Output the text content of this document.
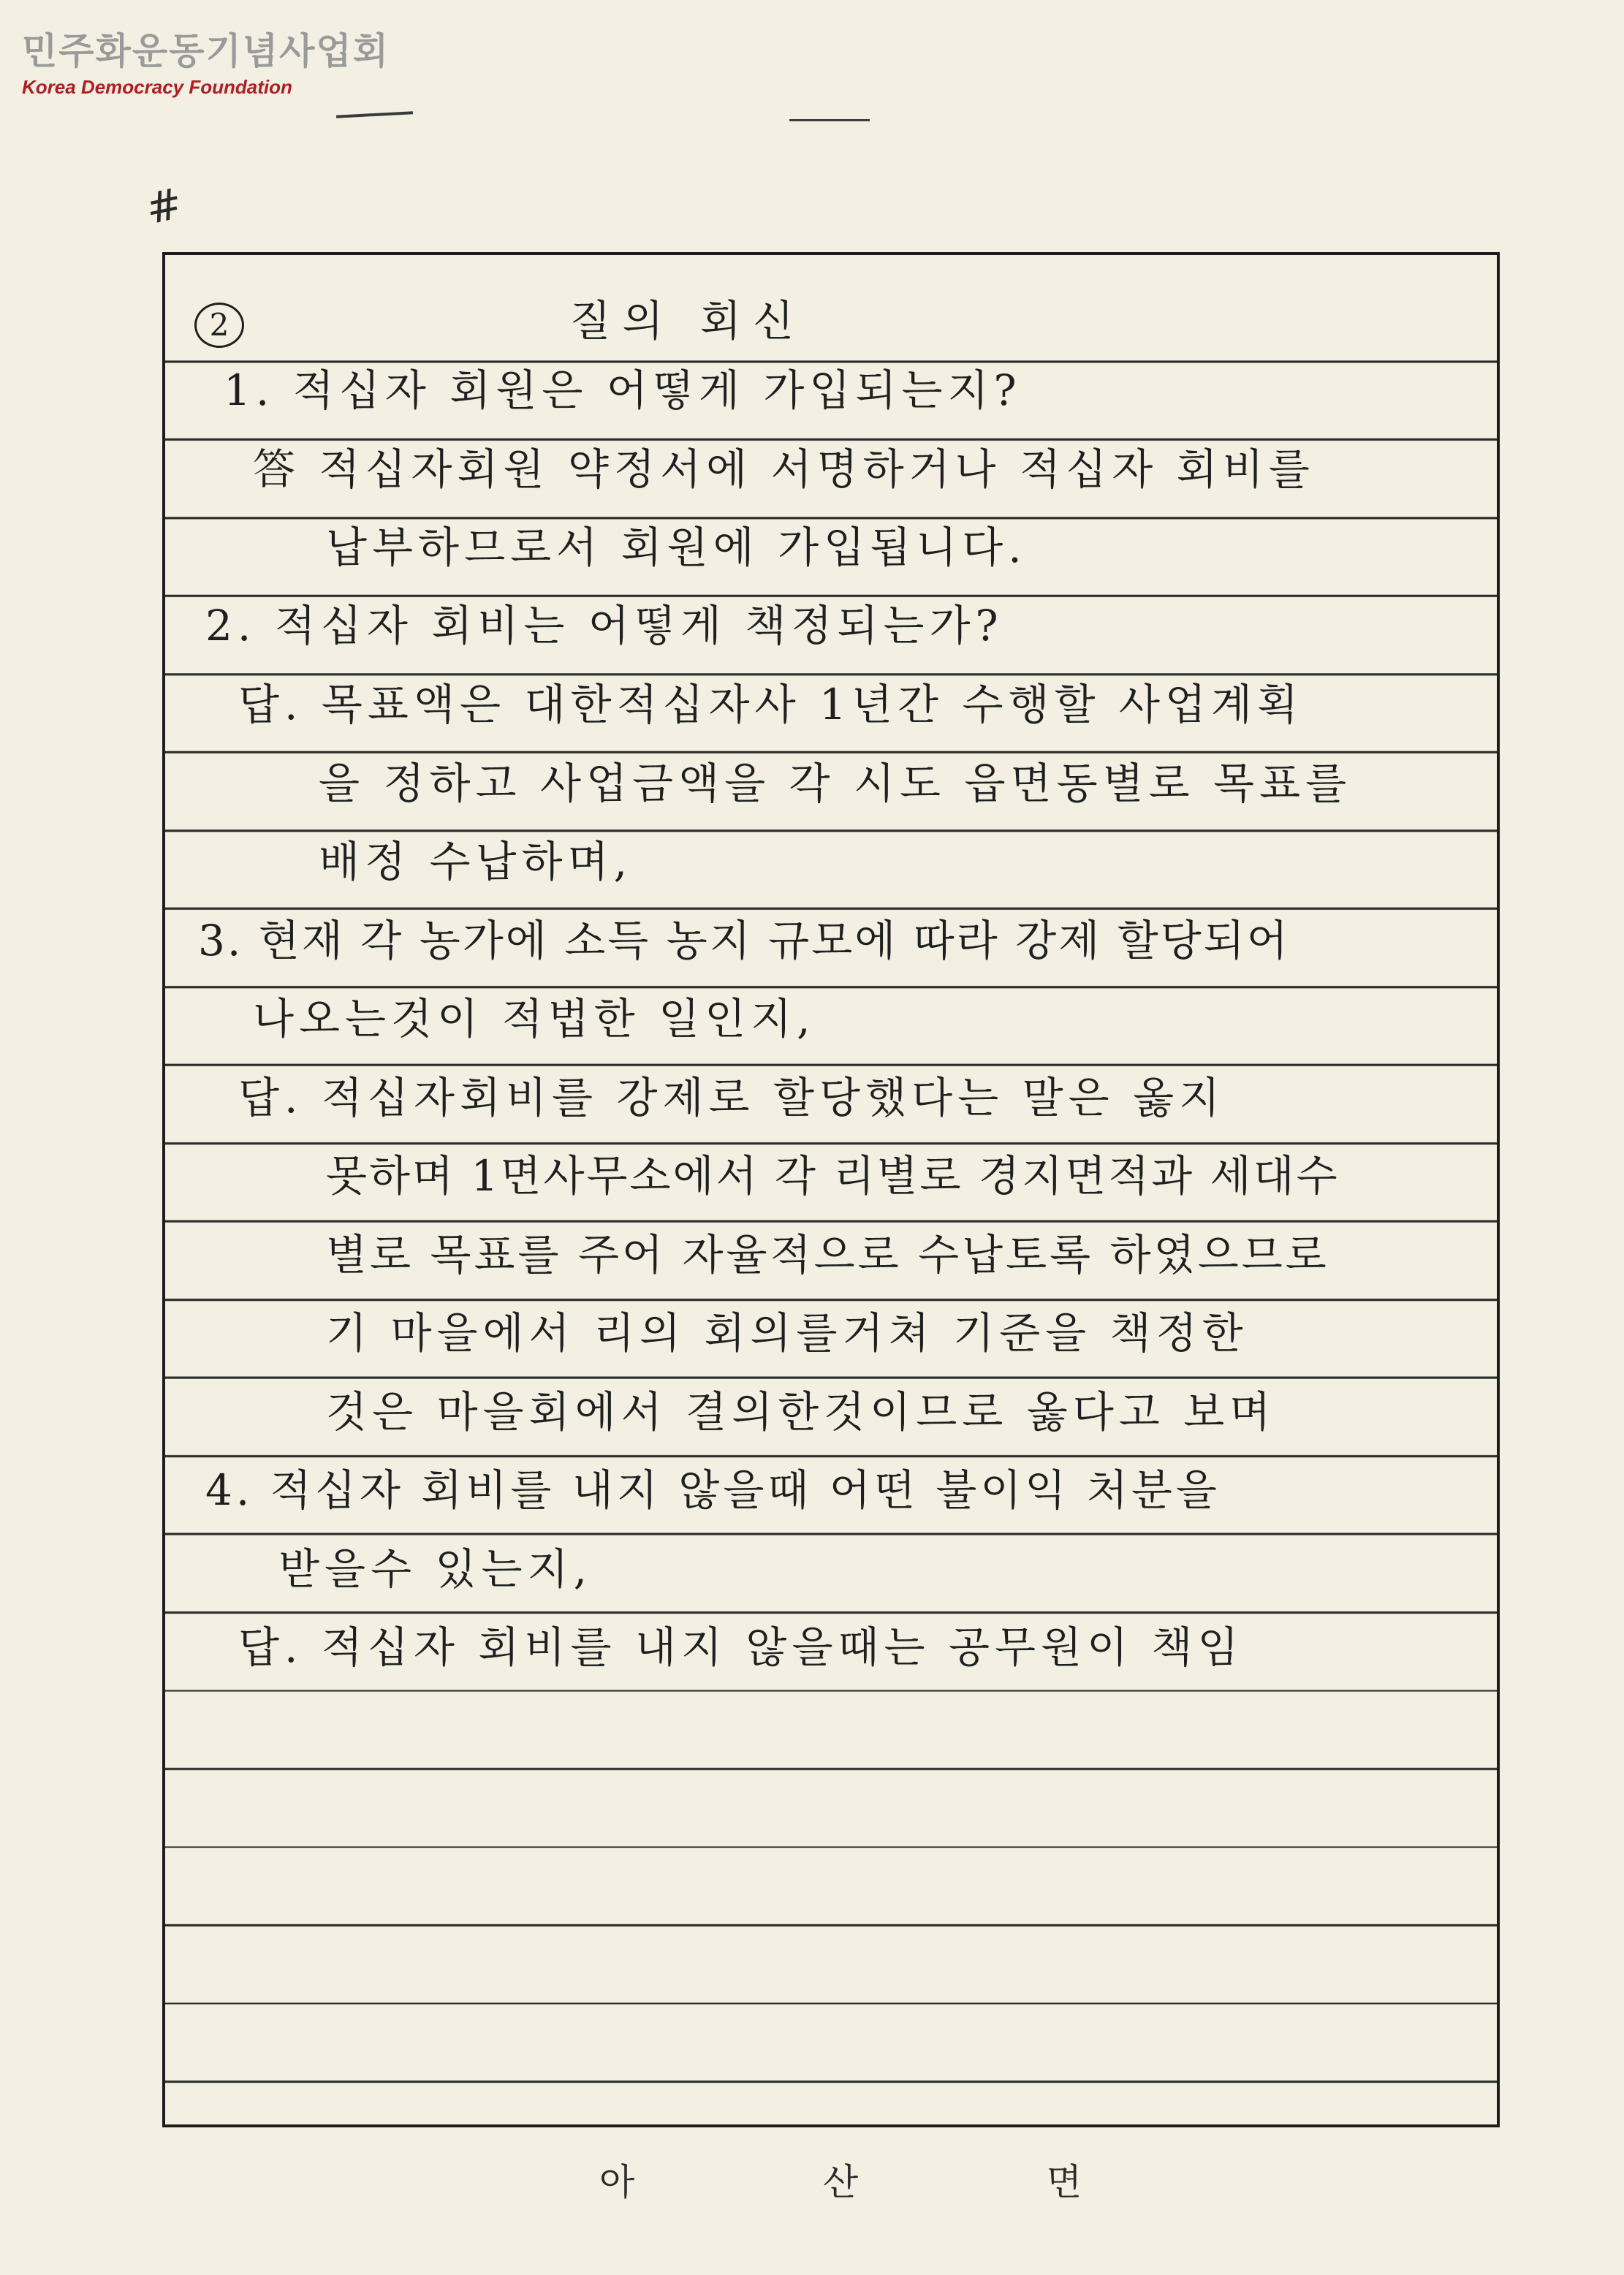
민주화운동기념사업회
Korea Democracy Foundation
#
2	질의 회신
1. 적십자 회원은 어떻게 가입되는지?
答 적십자회원 약정서에 서명하거나 적십자 회비를
납부하므로서 회원에 가입됩니다.
2. 적십자 회비는 어떻게 책정되는가?
답. 목표액은 대한적십자사 1년간 수행할 사업계획
을 정하고 사업금액을 각 시도 읍면동별로 목표를
배정 수납하며,
3. 현재 각 농가에 소득 농지 규모에 따라 강제 할당되어
나오는것이 적법한 일인지,
답. 적십자회비를 강제로 할당했다는 말은 옳지
못하며 1면사무소에서 각 리별로 경지면적과 세대수
별로 목표를 주어 자율적으로 수납토록 하였으므로
기 마을에서 리의 회의를거쳐 기준을 책정한
것은 마을회에서 결의한것이므로 옳다고 보며
4. 적십자 회비를 내지 않을때 어떤 불이익 처분을
받을수 있는지,
답. 적십자 회비를 내지 않을때는 공무원이 책임
아	산	면
